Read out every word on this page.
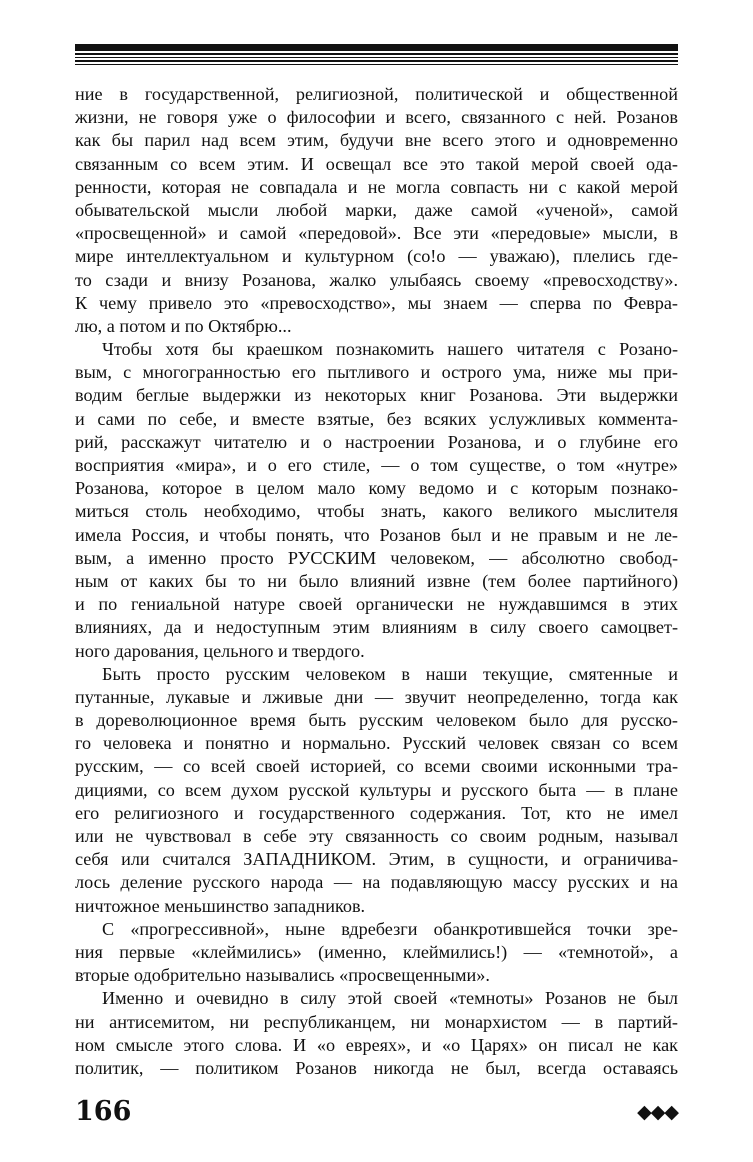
ние в государственной, религиозной, политической и общественной
жизни, не говоря уже о философии и всего, связанного с ней. Розанов
как бы парил над всем этим, будучи вне всего этого и одновременно
связанным со всем этим. И освещал все это такой мерой своей ода-
ренности, которая не совпадала и не могла совпасть ни с какой мерой
обывательской мысли любой марки, даже самой «ученой», самой
«просвещенной» и самой «передовой». Все эти «передовые» мысли, в
мире интеллектуальном и культурном (co!o — уважаю), плелись где-
то сзади и внизу Розанова, жалко улыбаясь своему «превосходству».
К чему привело это «превосходство», мы знаем — сперва по Февра-
лю, а потом и по Октябрю...
Чтобы хотя бы краешком познакомить нашего читателя с Розано-
вым, с многогранностью его пытливого и острого ума, ниже мы при-
водим беглые выдержки из некоторых книг Розанова. Эти выдержки
и сами по себе, и вместе взятые, без всяких услужливых коммента-
рий, расскажут читателю и о настроении Розанова, и о глубине его
восприятия «мира», и о его стиле, — о том существе, о том «нутре»
Розанова, которое в целом мало кому ведомо и с которым познако-
миться столь необходимо, чтобы знать, какого великого мыслителя
имела Россия, и чтобы понять, что Розанов был и не правым и не ле-
вым, а именно просто РУССКИМ человеком, — абсолютно свобод-
ным от каких бы то ни было влияний извне (тем более партийного)
и по гениальной натуре своей органически не нуждавшимся в этих
влияниях, да и недоступным этим влияниям в силу своего самоцвет-
ного дарования, цельного и твердого.
Быть просто русским человеком в наши текущие, смятенные и
путанные, лукавые и лживые дни — звучит неопределенно, тогда как
в дореволюционное время быть русским человеком было для русско-
го человека и понятно и нормально. Русский человек связан со всем
русским, — со всей своей историей, со всеми своими исконными тра-
дициями, со всем духом русской культуры и русского быта — в плане
его религиозного и государственного содержания. Тот, кто не имел
или не чувствовал в себе эту связанность со своим родным, называл
себя или считался ЗАПАДНИКОМ. Этим, в сущности, и ограничива-
лось деление русского народа — на подавляющую массу русских и на
ничтожное меньшинство западников.
С «прогрессивной», ныне вдребезги обанкротившейся точки зре-
ния первые «клеймились» (именно, клеймились!) — «темнотой», а
вторые одобрительно назывались «просвещенными».
Именно и очевидно в силу этой своей «темноты» Розанов не был
ни антисемитом, ни республиканцем, ни монархистом — в партий-
ном смысле этого слова. И «о евреях», и «о Царях» он писал не как
политик, — политиком Розанов никогда не был, всегда оставаясь
166	◆◆◆
